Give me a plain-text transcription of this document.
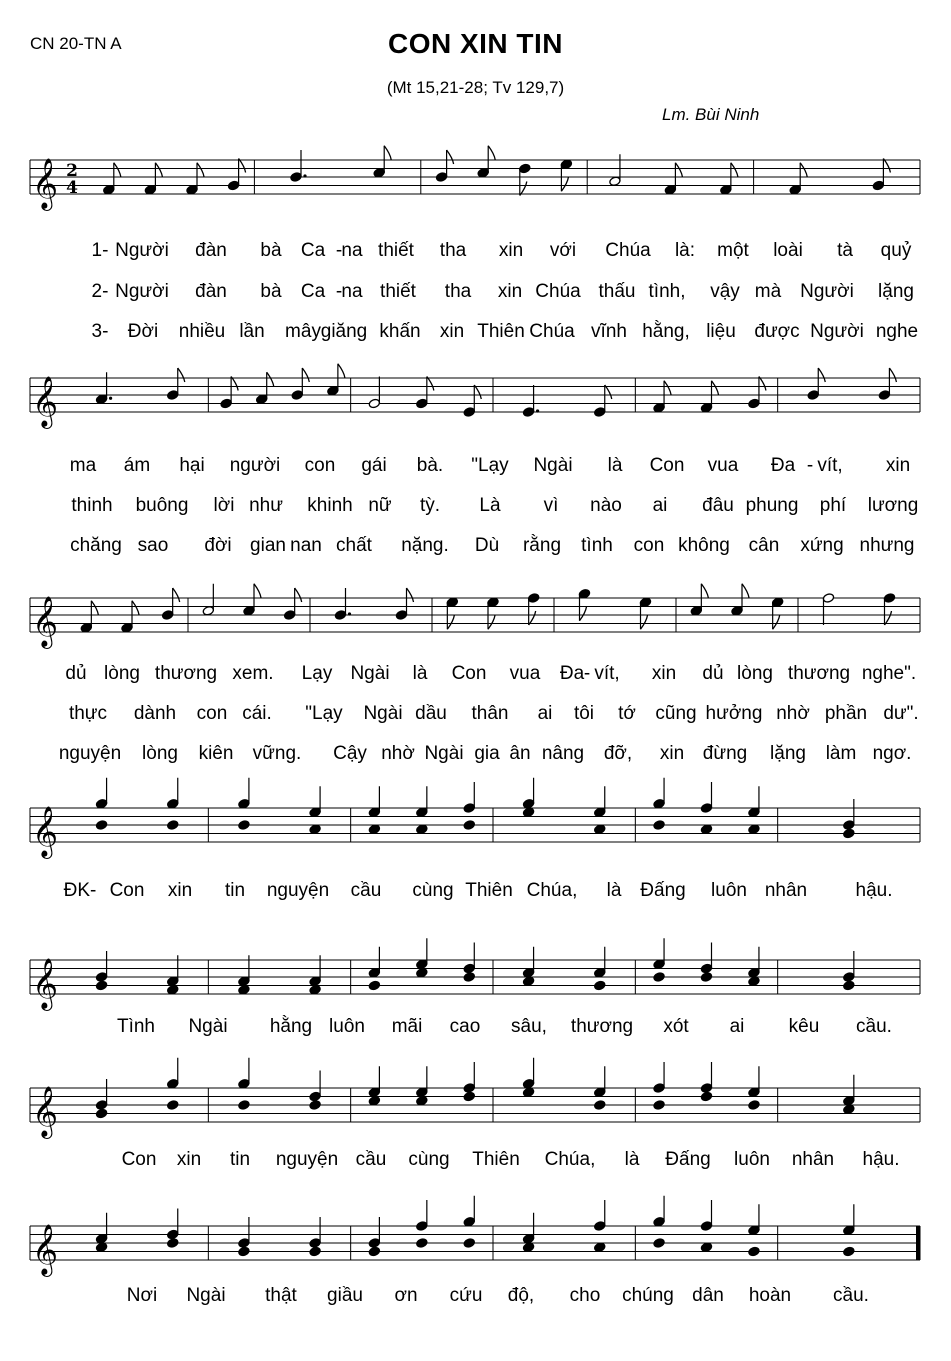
CN 20-TN A	CON XIN TIN
(Mt 15,21-28; Tv 129,7)
Lm. Bùi Ninh
𝄞 2
4
1- Người đàn bà Ca - na thiết tha xin với Chúa là: một loài tà quỷ
2- Người đàn bà Ca - na thiết tha xin Chúa thấu tình, vậy mà Người lặng
3- Đời nhiều lần mây giăng khấn xin Thiên Chúa vĩnh hằng, liệu được Người nghe
𝄞
ma ám hại người con gái bà. "Lạy Ngài là Con vua Đa - vít, xin
thinh buông lời như khinh nữ tỳ. Là vì nào ai đâu phung phí lương
chăng sao đời gian nan chất nặng. Dù rằng tình con không cân xứng nhưng
𝄞
dủ lòng thương xem. Lạy Ngài là Con vua Đa - vít, xin dủ lòng thương nghe".
thực dành con cái. "Lạy Ngài dầu thân ai tôi tớ cũng hưởng nhờ phần dư".
nguyện lòng kiên vững. Cậy nhờ Ngài gia ân nâng đỡ, xin đừng lặng làm ngơ.
𝄞
ĐK- Con xin tin nguyện cầu cùng Thiên Chúa, là Đấng luôn nhân	hậu.
𝄞
Tình Ngài hằng luôn mãi cao sâu, thương xót ai kêu cầu.
𝄞
Con xin tin nguyện cầu cùng Thiên Chúa, là Đấng luôn nhân hậu.
𝄞
Nơi Ngài thật giầu ơn cứu độ, cho chúng dân hoàn cầu.
